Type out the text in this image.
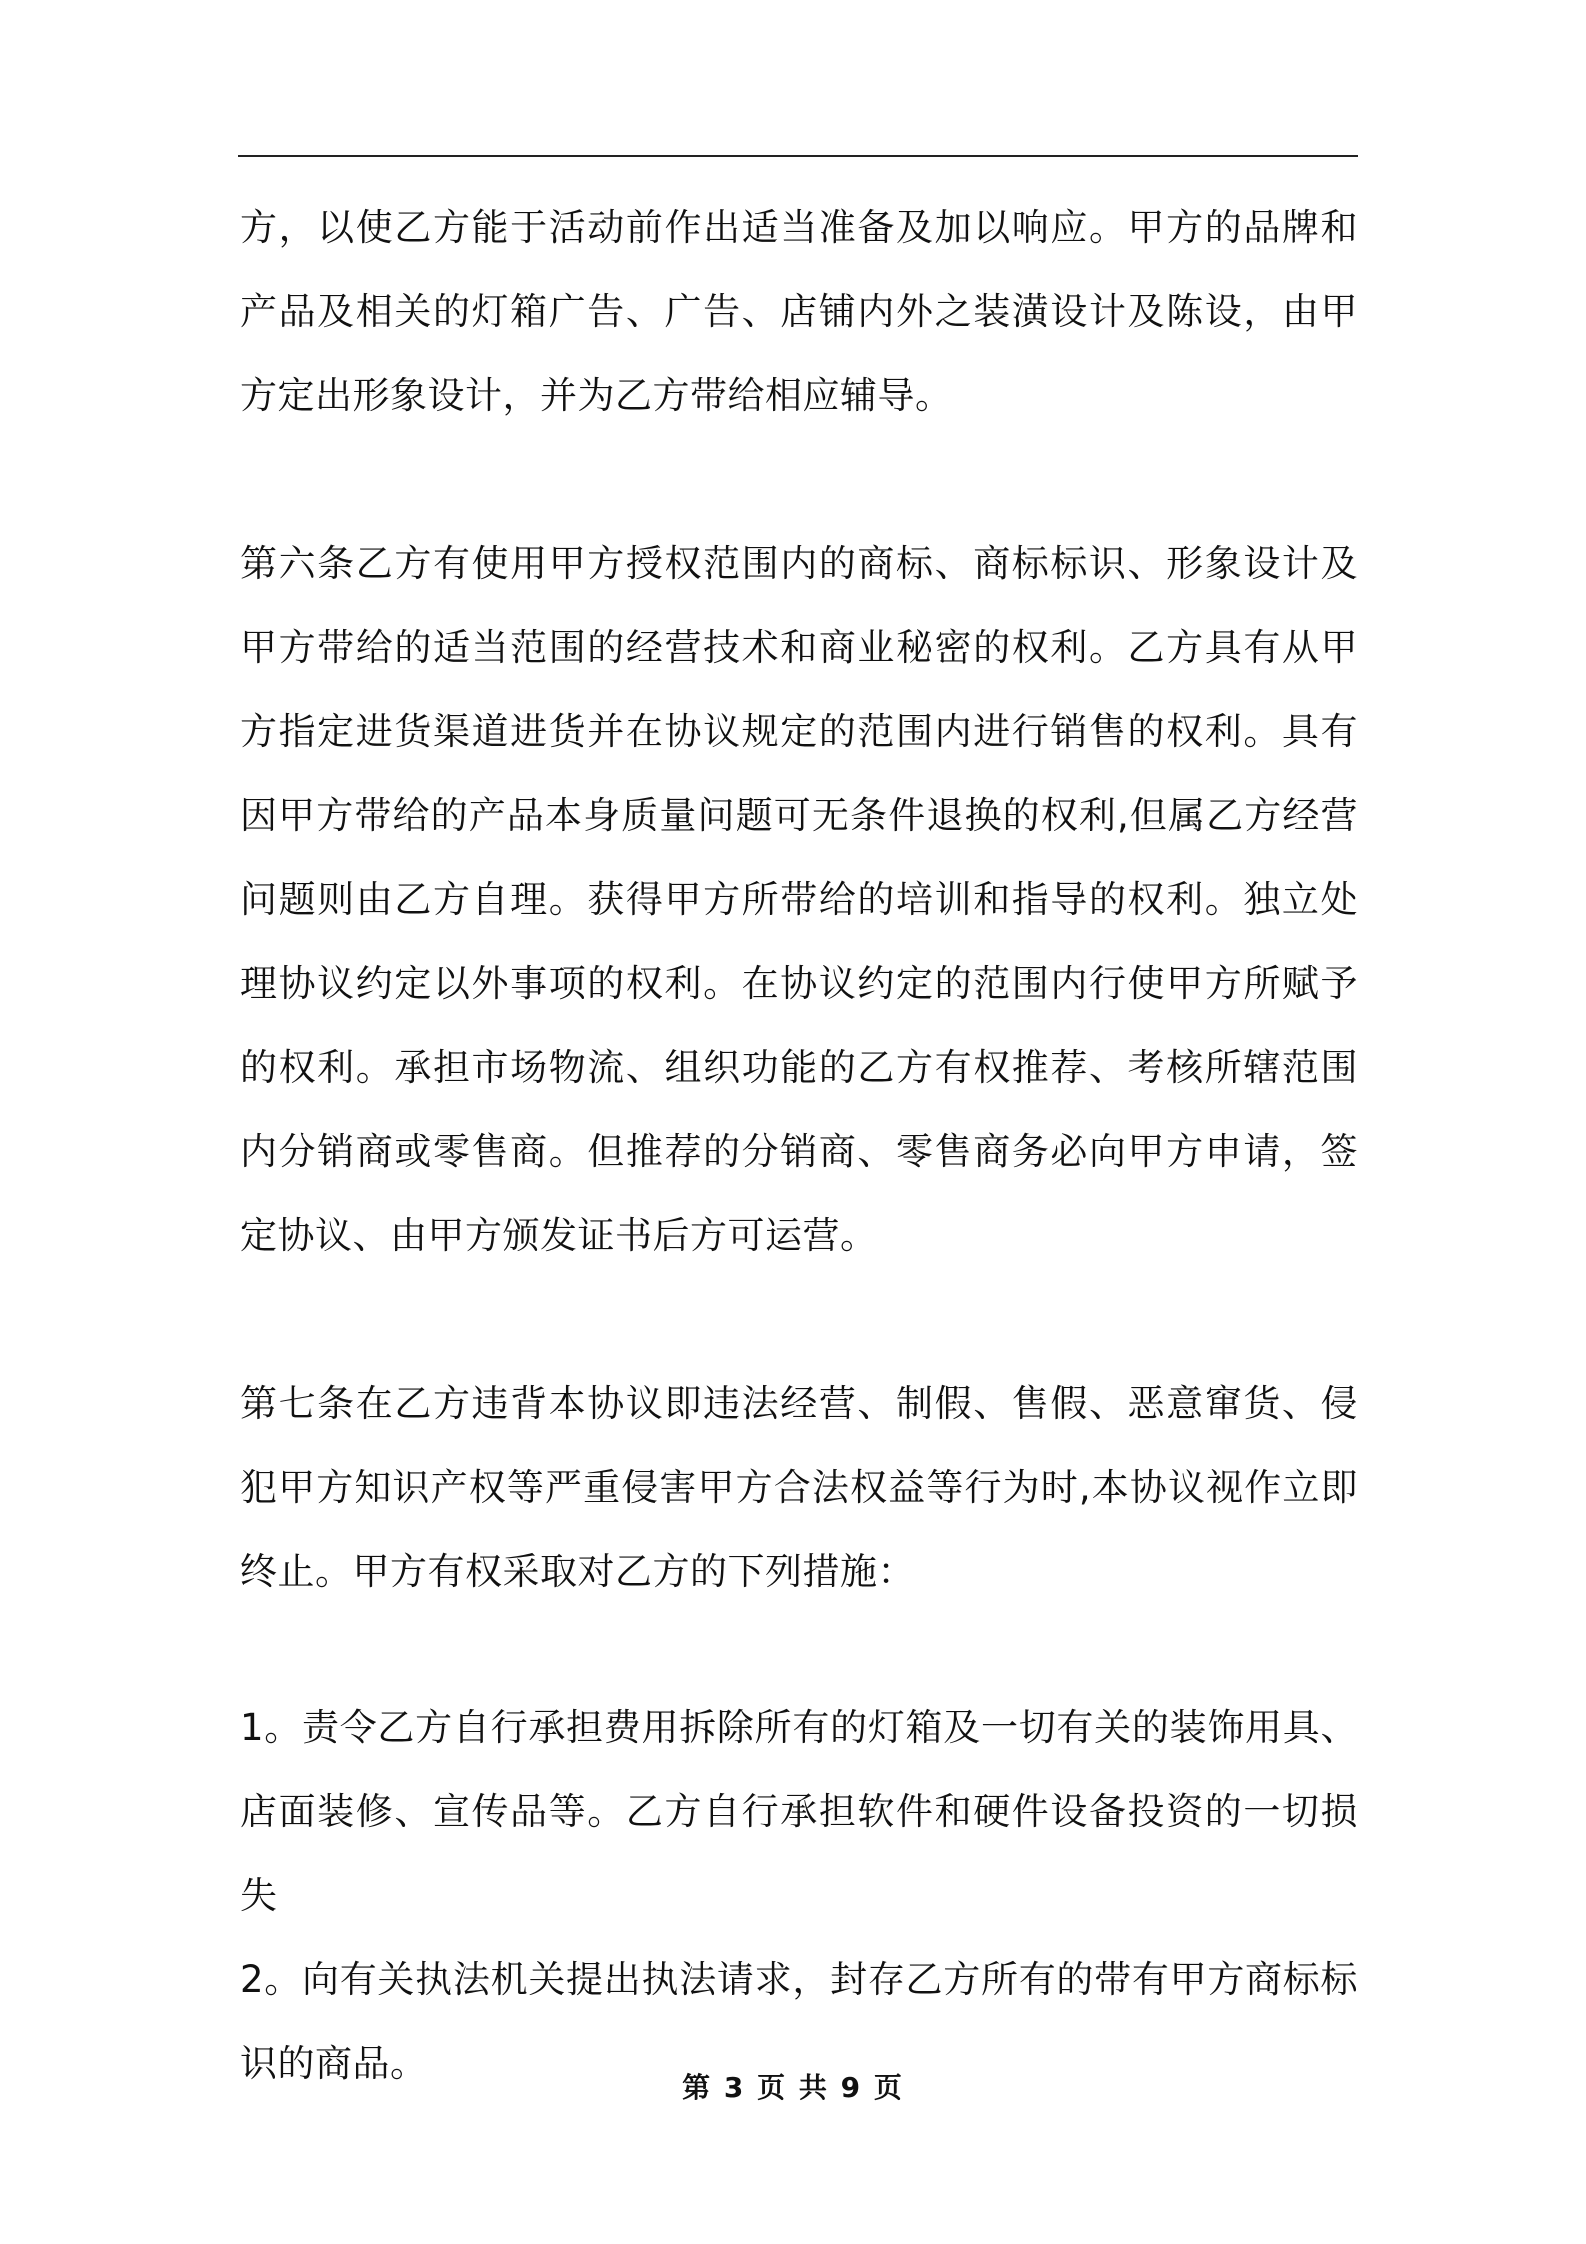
方，以使乙方能于活动前作出适当准备及加以响应。甲方的品牌和产品及相关的灯箱广告、广告、店铺内外之装潢设计及陈设，由甲方定出形象设计，并为乙方带给相应辅导。

第六条乙方有使用甲方授权范围内的商标、商标标识、形象设计及甲方带给的适当范围的经营技术和商业秘密的权利。乙方具有从甲方指定进货渠道进货并在协议规定的范围内进行销售的权利。具有因甲方带给的产品本身质量问题可无条件退换的权利,但属乙方经营问题则由乙方自理。获得甲方所带给的培训和指导的权利。独立处理协议约定以外事项的权利。在协议约定的范围内行使甲方所赋予的权利。承担市场物流、组织功能的乙方有权推荐、考核所辖范围内分销商或零售商。但推荐的分销商、零售商务必向甲方申请，签定协议、由甲方颁发证书后方可运营。

第七条在乙方违背本协议即违法经营、制假、售假、恶意窜货、侵犯甲方知识产权等严重侵害甲方合法权益等行为时,本协议视作立即终止。甲方有权采取对乙方的下列措施：

1。责令乙方自行承担费用拆除所有的灯箱及一切有关的装饰用具、店面装修、宣传品等。乙方自行承担软件和硬件设备投资的一切损失

2。向有关执法机关提出执法请求，封存乙方所有的带有甲方商标标识的商品。

第 3 页 共 9 页
